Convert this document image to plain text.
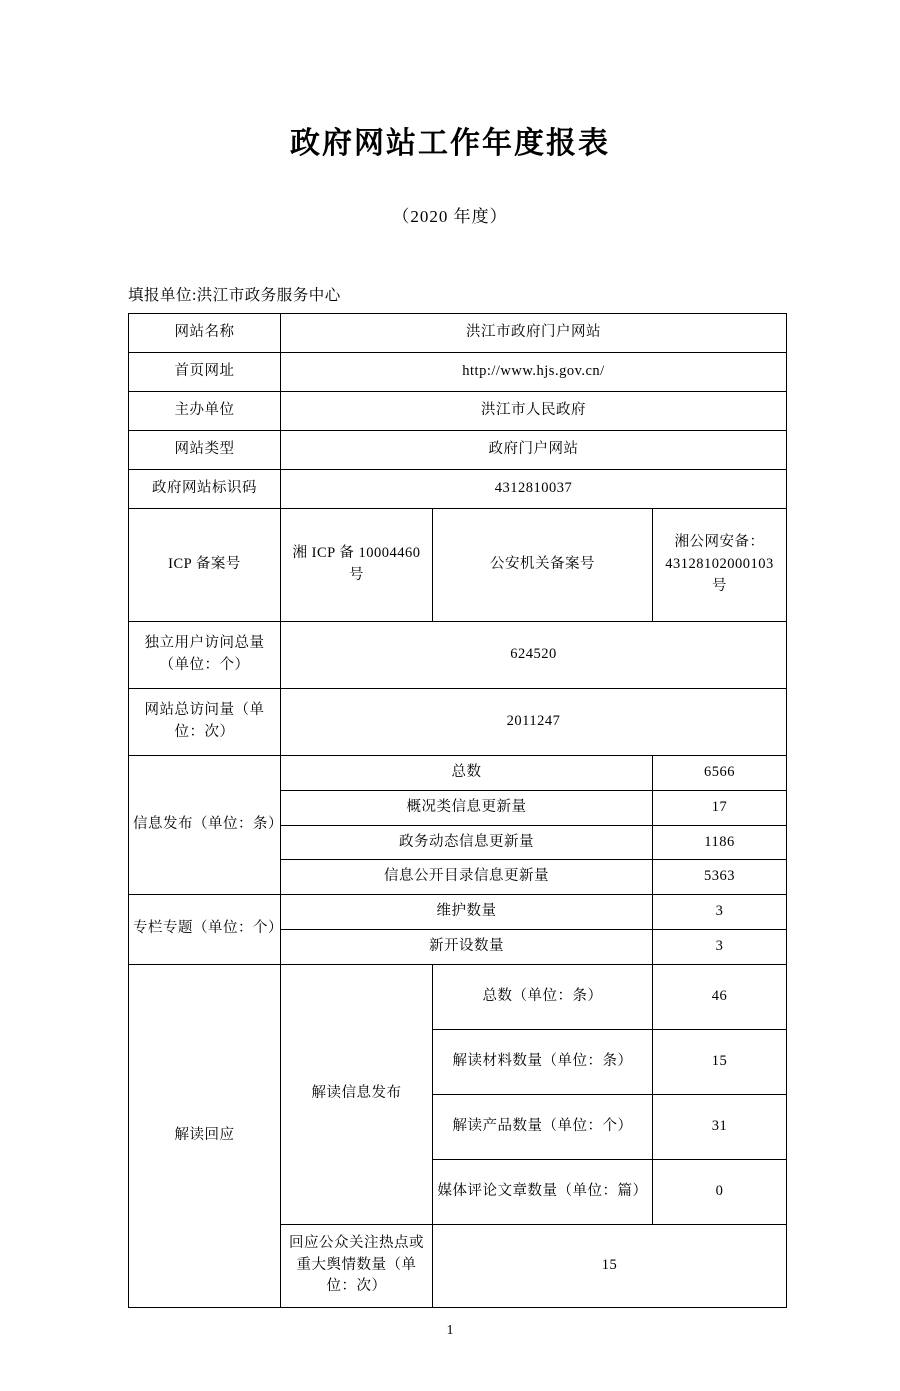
政府网站工作年度报表
（2020 年度）
填报单位:洪江市政务服务中心
网站名称	洪江市政府门户网站		
首页网址	http://www.hjs.gov.cn/		
主办单位	洪江市人民政府		
网站类型	政府门户网站		
政府网站标识码	4312810037		
ICP 备案号	湘 ICP 备 10004460 号	公安机关备案号	湘公网安备：43128102000103 号
独立用户访问总量（单位：个）	624520		
网站总访问量（单位：次）	2011247		
信息发布（单位：条）	总数		6566
	概况类信息更新量		17
	政务动态信息更新量		1186
	信息公开目录信息更新量		5363
专栏专题（单位：个）	维护数量		3
	新开设数量		3
解读回应	解读信息发布	总数（单位：条）	46
		解读材料数量（单位：条）	15
		解读产品数量（单位：个）	31
		媒体评论文章数量（单位：篇）	0
	回应公众关注热点或重大舆情数量（单位：次）	15	
1
